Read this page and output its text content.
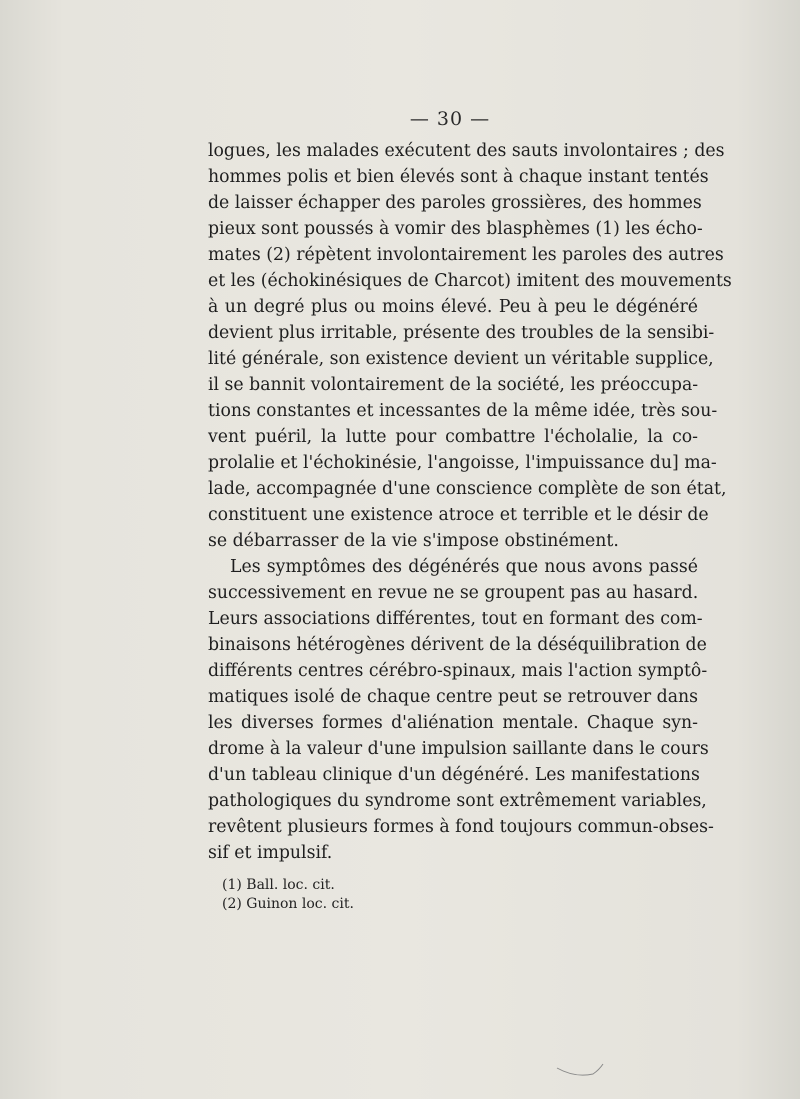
— 30 —
logues, les malades exécutent des sauts involontaires ; des
hommes polis et bien élevés sont à chaque instant tentés
de laisser échapper des paroles grossières, des hommes
pieux sont poussés à vomir des blasphèmes (1) les écho-
mates (2) répètent involontairement les paroles des autres
et les (échokinésiques de Charcot) imitent des mouvements
à un degré plus ou moins élevé. Peu à peu le dégénéré
devient plus irritable, présente des troubles de la sensibi-
lité générale, son existence devient un véritable supplice,
il se bannit volontairement de la société, les préoccupa-
tions constantes et incessantes de la même idée, très sou-
vent puéril, la lutte pour combattre l'écholalie, la co-
prolalie et l'échokinésie, l'angoisse, l'impuissance du] ma-
lade, accompagnée d'une conscience complète de son état,
constituent une existence atroce et terrible et le désir de
se débarrasser de la vie s'impose obstinément.
Les symptômes des dégénérés que nous avons passé
successivement en revue ne se groupent pas au hasard.
Leurs associations différentes, tout en formant des com-
binaisons hétérogènes dérivent de la déséquilibration de
différents centres cérébro-spinaux, mais l'action symptô-
matiques isolé de chaque centre peut se retrouver dans
les diverses formes d'aliénation mentale. Chaque syn-
drome à la valeur d'une impulsion saillante dans le cours
d'un tableau clinique d'un dégénéré. Les manifestations
pathologiques du syndrome sont extrêmement variables,
revêtent plusieurs formes à fond toujours commun-obses-
sif et impulsif.
(1) Ball. loc. cit.
(2) Guinon loc. cit.
